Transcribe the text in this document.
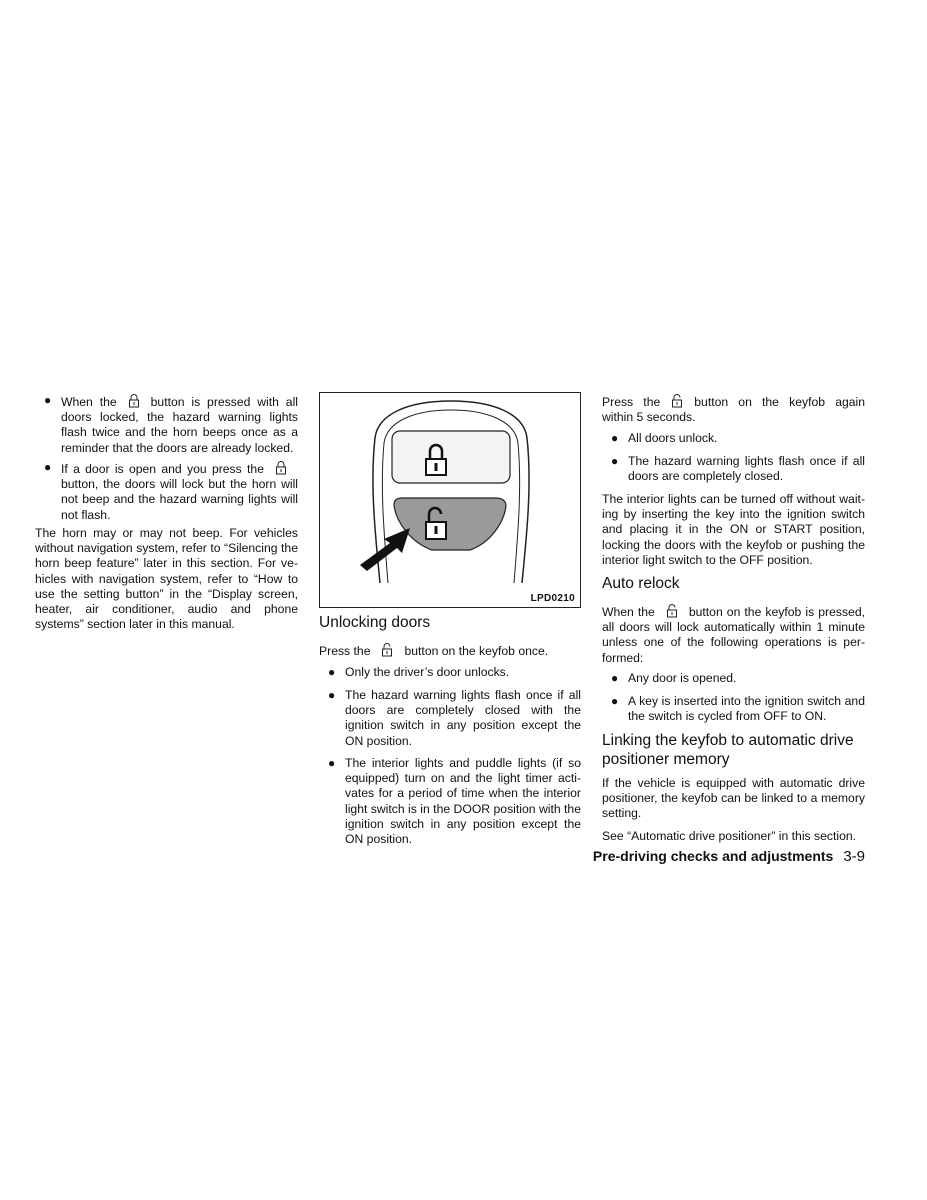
● When the	button is pressed with all doors locked, the hazard warning lights flash twice and the horn beeps once as a reminder that the doors are already locked.
● If a door is open and you press thebutton, the doors will lock but the horn will not beep and the hazard warning lights will not flash.
The horn may or may not beep. For vehicles without navigation system, refer to “Silencing the horn beep feature” later in this section. For vehicles with navigation system, refer to “How to use the setting button” in the “Display screen, heater, air conditioner, audio and phone systems” section later in this manual.
LPD0210
Unlocking doors
Press the	button on the keyfob once.
● Only the driver’s door unlocks.
● The hazard warning lights flash once if all doors are completely closed with the ignition switch in any position except the ON position.
● The interior lights and puddle lights (if so equipped) turn on and the light timer activates for a period of time when the interior light switch is in the DOOR position with the ignition switch in any position except the ON position.
Press the	button on the keyfob again within 5 seconds.
● All doors unlock.
● The hazard warning lights flash once if all doors are completely closed.
The interior lights can be turned off without waiting by inserting the key into the ignition switch and placing it in the ON or START position, locking the doors with the keyfob or pushing the interior light switch to the OFF position.
Auto relock
When the	button on the keyfob is pressed, all doors will lock automatically within 1 minute unless one of the following operations is performed:
● Any door is opened.
● A key is inserted into the ignition switch and the switch is cycled from OFF to ON.
Linking the keyfob to automatic drive
positioner memory
If the vehicle is equipped with automatic drive positioner, the keyfob can be linked to a memory setting.
See “Automatic drive positioner” in this section.
Pre-driving checks and adjustments 3-9
